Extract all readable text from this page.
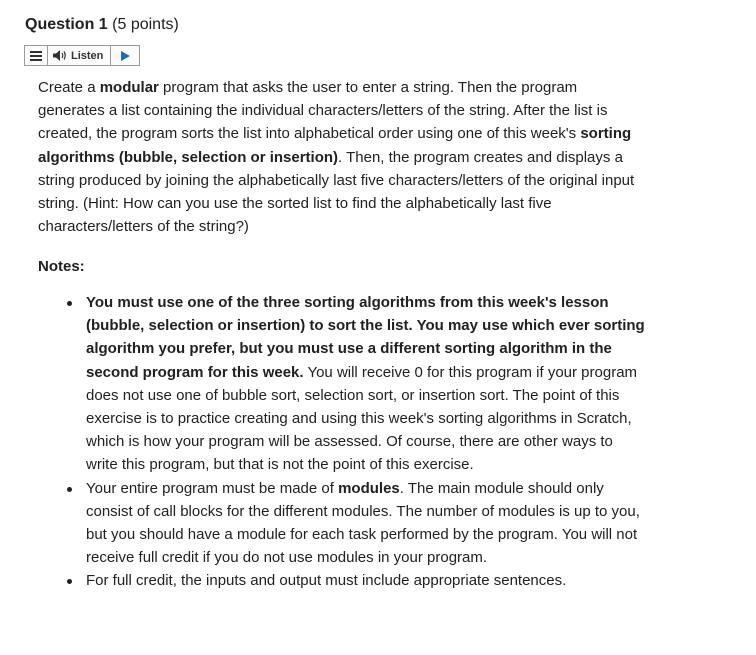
Question 1 (5 points)
Listen

Create a modular program that asks the user to enter a string. Then the program generates a list containing the individual characters/letters of the string. After the list is created, the program sorts the list into alphabetical order using one of this week's sorting algorithms (bubble, selection or insertion). Then, the program creates and displays a string produced by joining the alphabetically last five characters/letters of the original input string. (Hint: How can you use the sorted list to find the alphabetically last five characters/letters of the string?)

Notes:
You must use one of the three sorting algorithms from this week's lesson (bubble, selection or insertion) to sort the list. You may use which ever sorting algorithm you prefer, but you must use a different sorting algorithm in the second program for this week. You will receive 0 for this program if your program does not use one of bubble sort, selection sort, or insertion sort. The point of this exercise is to practice creating and using this week's sorting algorithms in Scratch, which is how your program will be assessed. Of course, there are other ways to write this program, but that is not the point of this exercise.
Your entire program must be made of modules. The main module should only consist of call blocks for the different modules. The number of modules is up to you, but you should have a module for each task performed by the program. You will not receive full credit if you do not use modules in your program.
For full credit, the inputs and output must include appropriate sentences.
